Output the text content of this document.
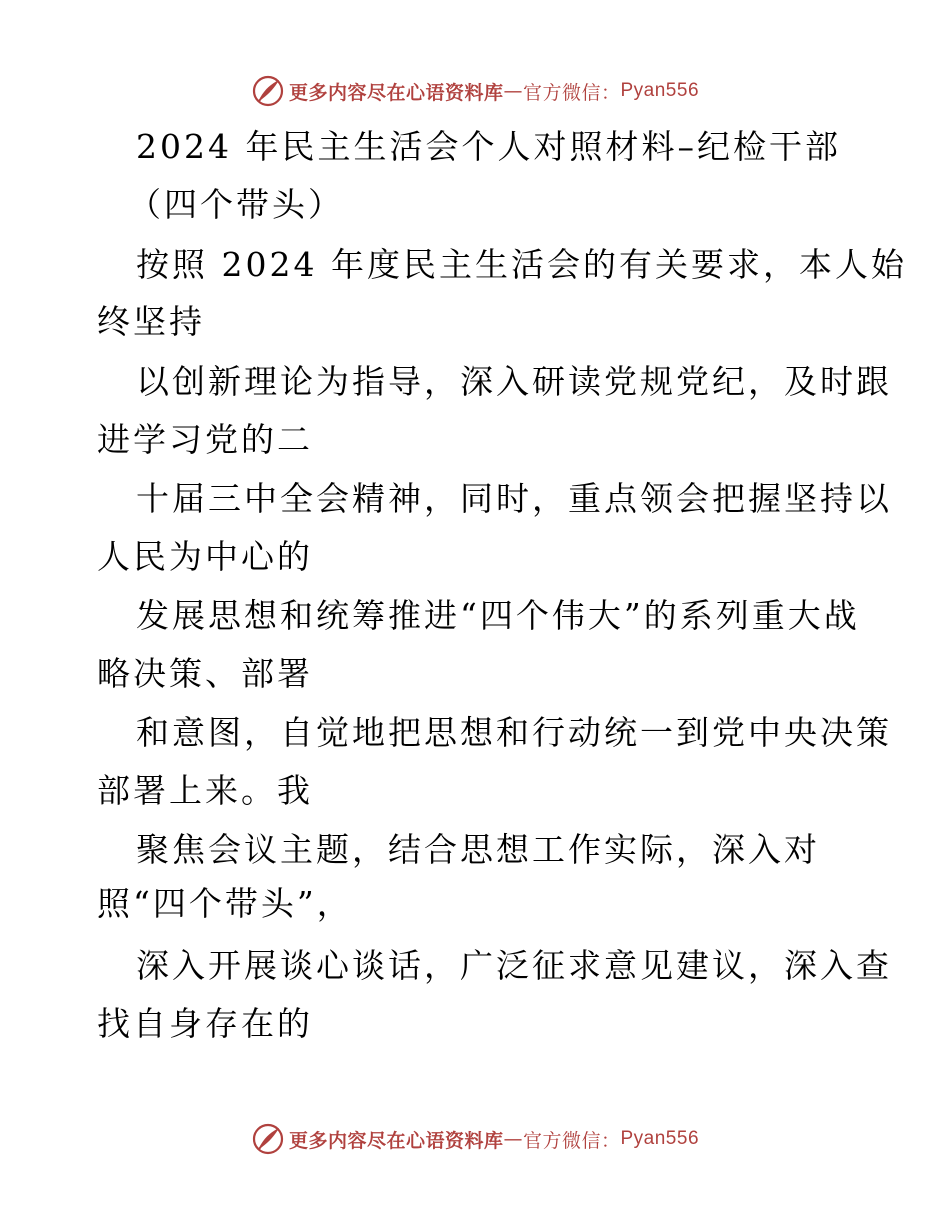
更多内容尽在心语资料库 — 官方微信： Pyan556
2024 年民主生活会个人对照材料–纪检干部
（四个带头）
按照 2024 年度民主生活会的有关要求，本人始
终坚持
以创新理论为指导，深入研读党规党纪，及时跟
进学习党的二
十届三中全会精神，同时，重点领会把握坚持以
人民为中心的
发展思想和统筹推进“四个伟大”的系列重大战
略决策、部署
和意图，自觉地把思想和行动统一到党中央决策
部署上来。我
聚焦会议主题，结合思想工作实际，深入对
照“四个带头”，
深入开展谈心谈话，广泛征求意见建议，深入查
找自身存在的
更多内容尽在心语资料库 — 官方微信： Pyan556
